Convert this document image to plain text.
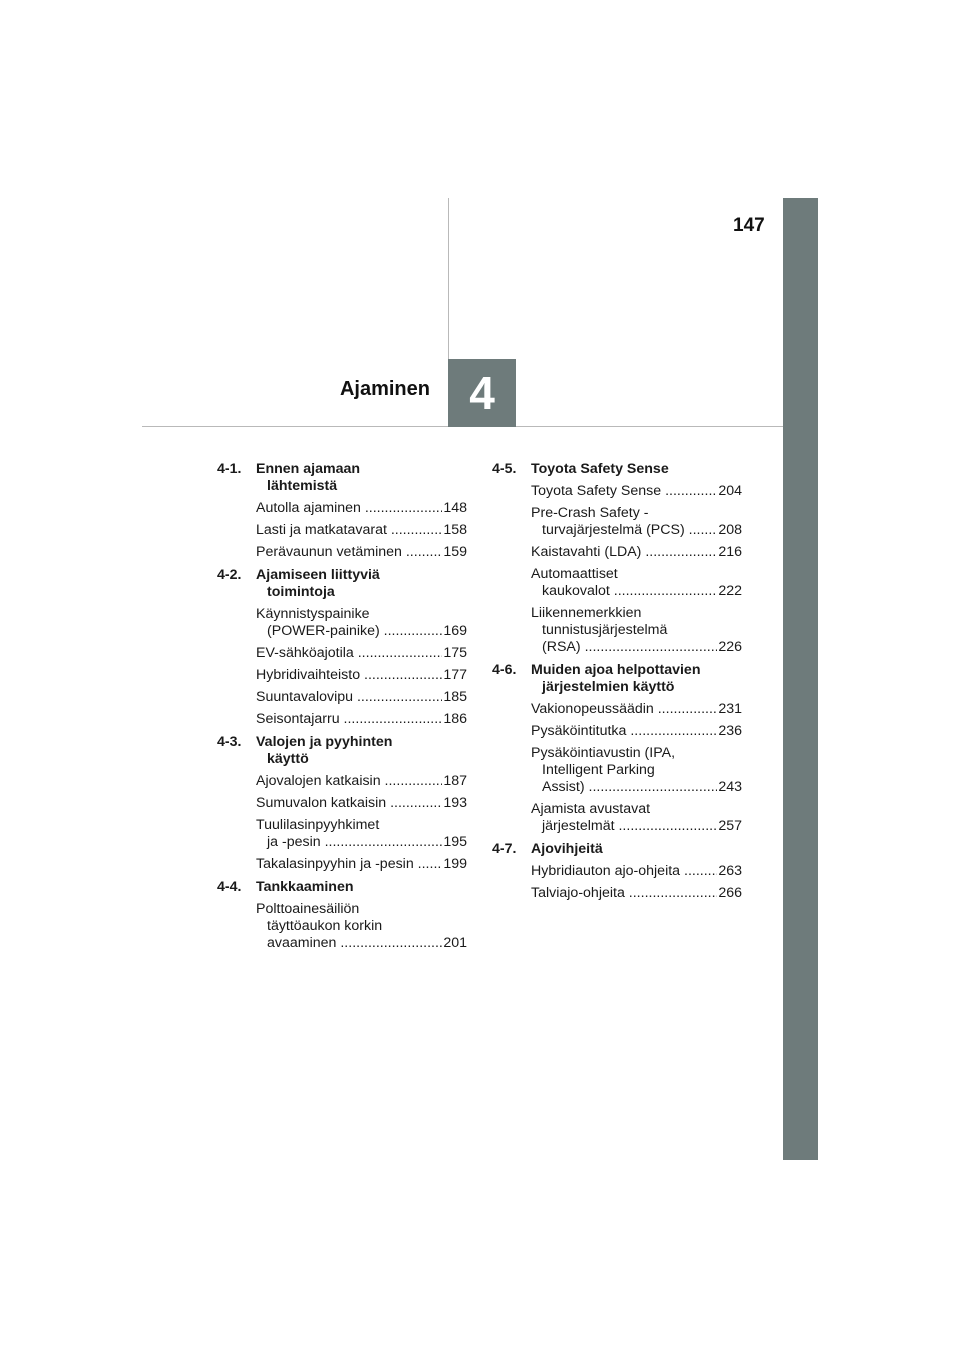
147
Ajaminen 4
4-1.	Ennen ajamaan
lähtemistä
Autolla ajaminen .....	148
Lasti ja matkatavarat .....	158
Perävaunun vetäminen .....	159
4-2.	Ajamiseen liittyviä
toimintoja
Käynnistyspainike
(POWER-painike) .....	169
EV-sähköajotila .....	175
Hybridivaihteisto .....	177
Suuntavalovipu .....	185
Seisontajarru .....	186
4-3.	Valojen ja pyyhinten
käyttö
Ajovalojen katkaisin .....	187
Sumuvalon katkaisin .....	193
Tuulilasinpyyhkimet
ja -pesin .....	195
Takalasinpyyhin ja -pesin .....	199
4-4.	Tankkaaminen
Polttoainesäiliön
täyttöaukon korkin
avaaminen .....	201
4-5.	Toyota Safety Sense
Toyota Safety Sense .....	204
Pre-Crash Safety -
turvajärjestelmä (PCS) .....	208
Kaistavahti (LDA) .....	216
Automaattiset
kaukovalot .....	222
Liikennemerkkien
tunnistusjärjestelmä
(RSA) .....	226
4-6.	Muiden ajoa helpottavien
järjestelmien käyttö
Vakionopeussäädin .....	231
Pysäköintitutka .....	236
Pysäköintiavustin (IPA,
Intelligent Parking
Assist) .....	243
Ajamista avustavat
järjestelmät .....	257
4-7.	Ajovihjeitä
Hybridiauton ajo-ohjeita .....	263
Talviajo-ohjeita .....	266
